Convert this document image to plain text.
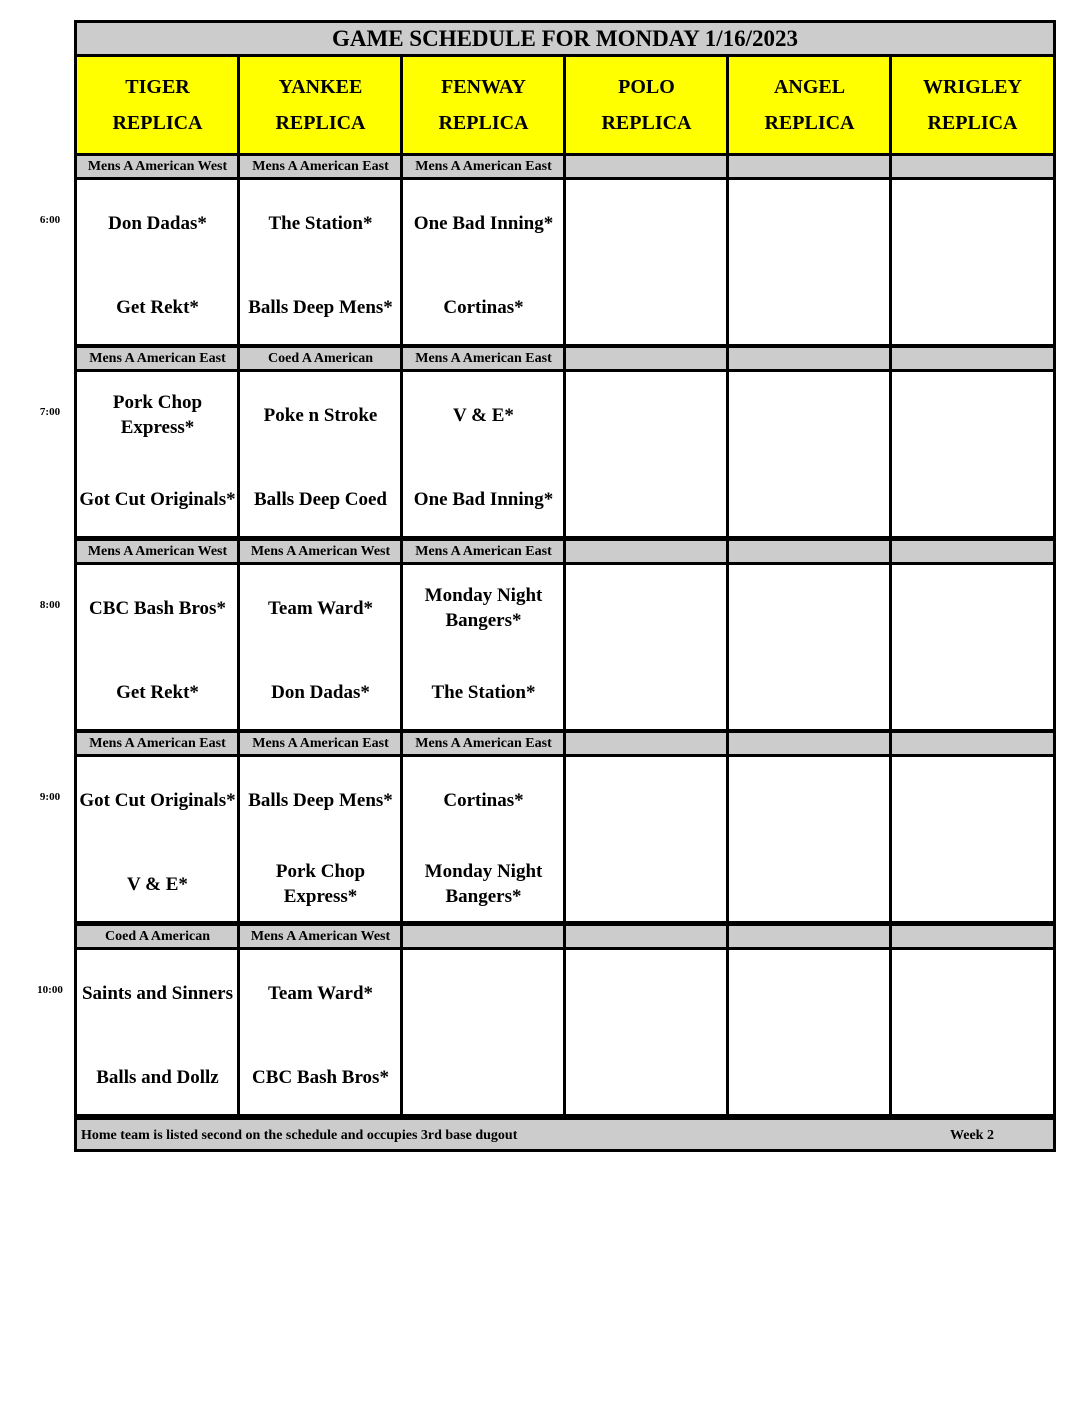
GAME SCHEDULE FOR MONDAY 1/16/2023
TIGER
REPLICA
YANKEE
REPLICA
FENWAY
REPLICA
POLO
REPLICA
ANGEL
REPLICA
WRIGLEY
REPLICA
6:00
Mens A American West
Don Dadas*
Get Rekt*
Mens A American East
The Station*
Balls Deep Mens*
Mens A American East
One Bad Inning*
Cortinas*
7:00
Mens A American East
Pork Chop Express*
Got Cut Originals*
Coed A American
Poke n Stroke
Balls Deep Coed
Mens A American East
V & E*
One Bad Inning*
8:00
Mens A American West
CBC Bash Bros*
Get Rekt*
Mens A American West
Team Ward*
Don Dadas*
Mens A American East
Monday Night Bangers*
The Station*
9:00
Mens A American East
Got Cut Originals*
V & E*
Mens A American East
Balls Deep Mens*
Pork Chop Express*
Mens A American East
Cortinas*
Monday Night Bangers*
10:00
Coed A American
Saints and Sinners
Balls and Dollz
Mens A American West
Team Ward*
CBC Bash Bros*
Home team is listed second on the schedule and occupies 3rd base dugout	Week 2
